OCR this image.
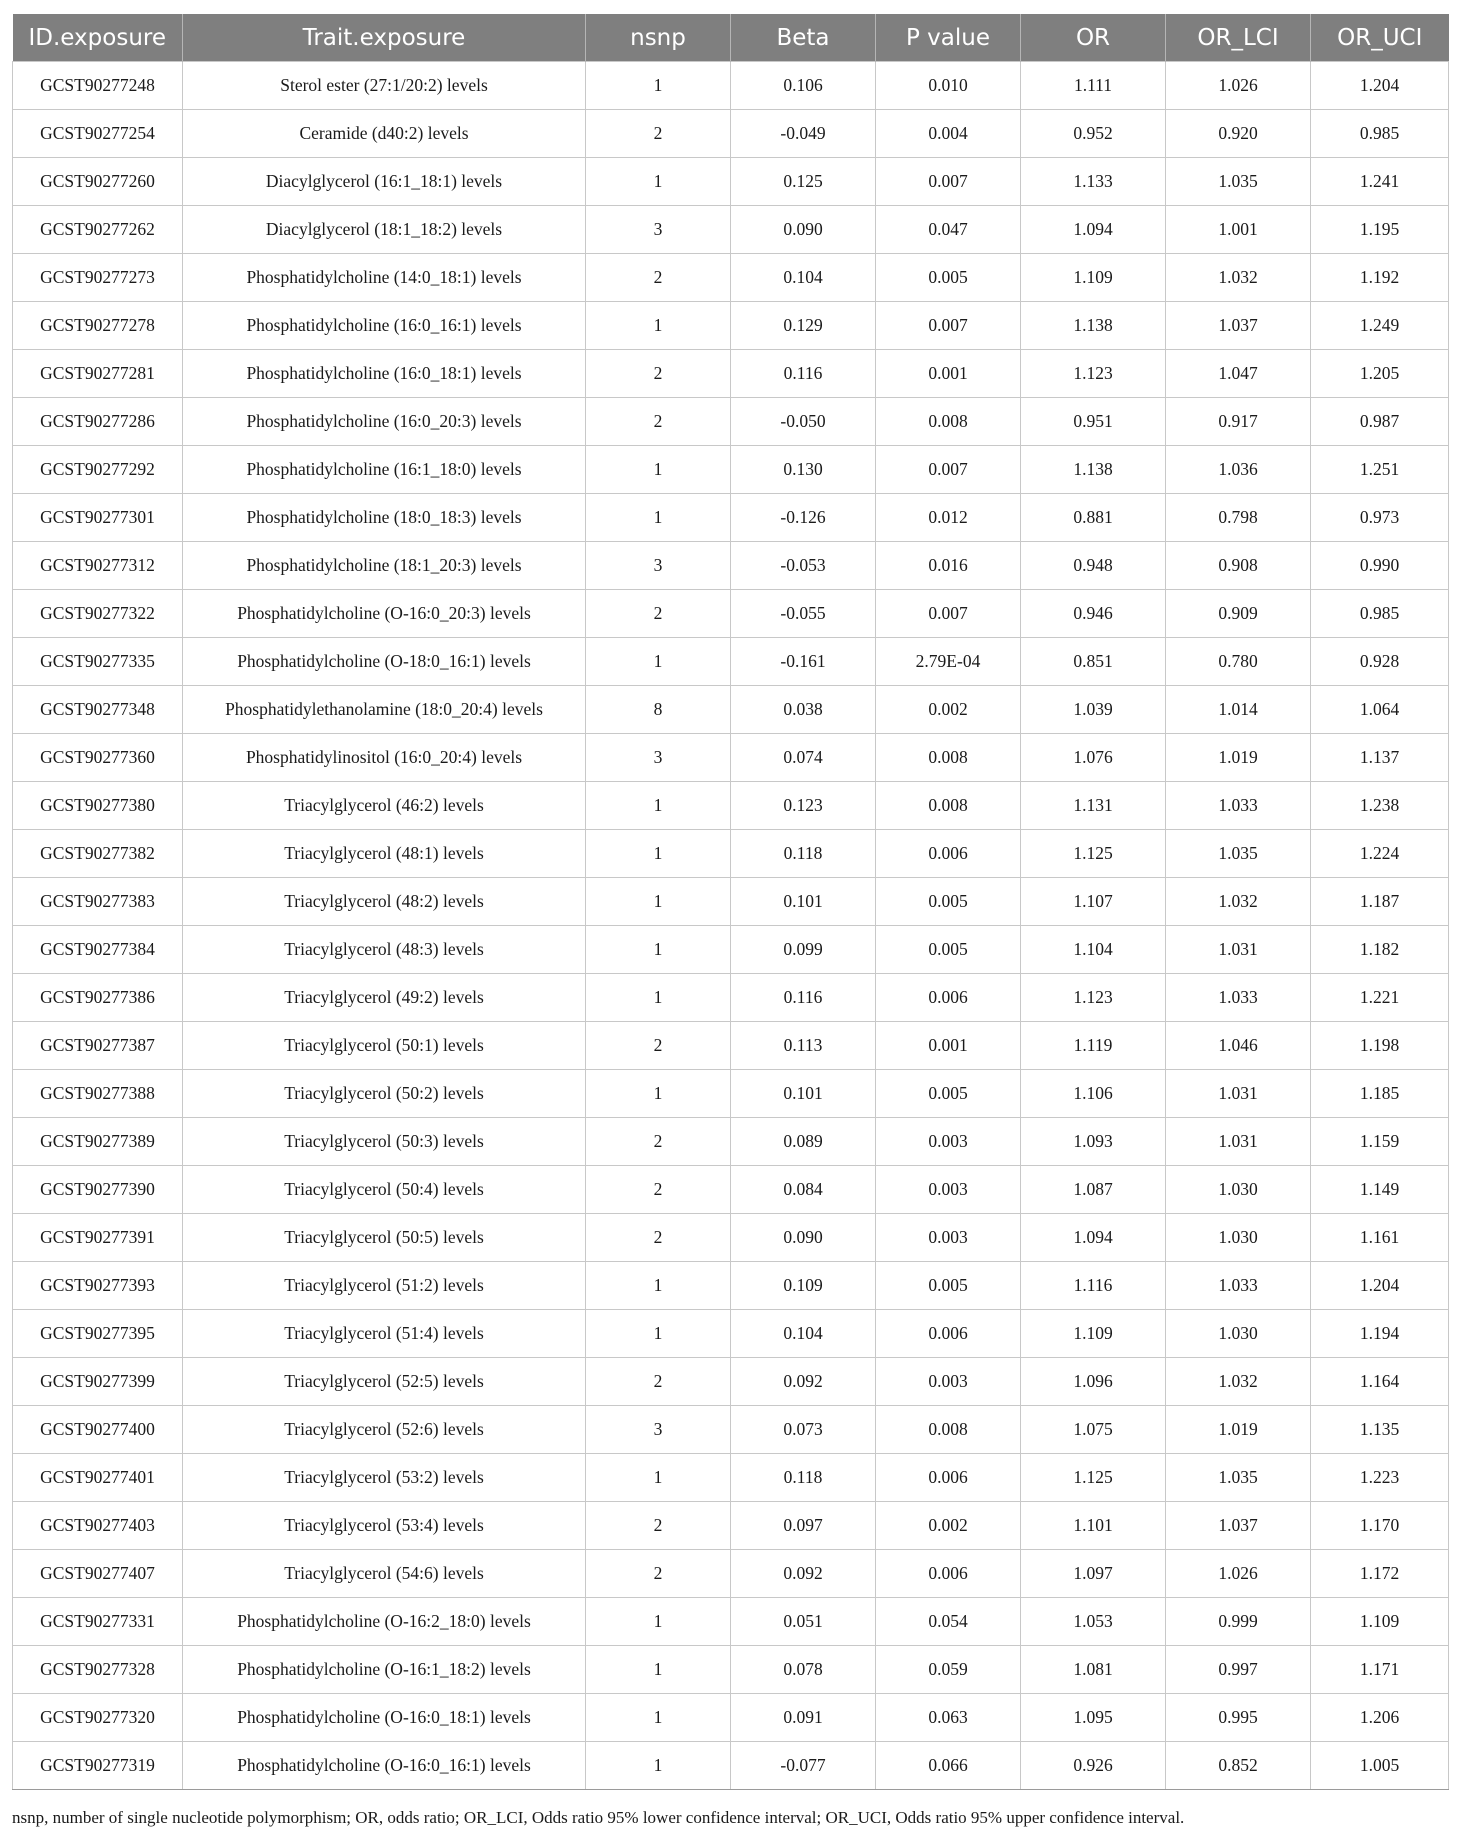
ID.exposure	Trait.exposure	nsnp	Beta	P value	OR	OR_LCI	OR_UCI
GCST90277248	Sterol ester (27:1/20:2) levels	1	0.106	0.010	1.111	1.026	1.204
GCST90277254	Ceramide (d40:2) levels	2	-0.049	0.004	0.952	0.920	0.985
GCST90277260	Diacylglycerol (16:1_18:1) levels	1	0.125	0.007	1.133	1.035	1.241
GCST90277262	Diacylglycerol (18:1_18:2) levels	3	0.090	0.047	1.094	1.001	1.195
GCST90277273	Phosphatidylcholine (14:0_18:1) levels	2	0.104	0.005	1.109	1.032	1.192
GCST90277278	Phosphatidylcholine (16:0_16:1) levels	1	0.129	0.007	1.138	1.037	1.249
GCST90277281	Phosphatidylcholine (16:0_18:1) levels	2	0.116	0.001	1.123	1.047	1.205
GCST90277286	Phosphatidylcholine (16:0_20:3) levels	2	-0.050	0.008	0.951	0.917	0.987
GCST90277292	Phosphatidylcholine (16:1_18:0) levels	1	0.130	0.007	1.138	1.036	1.251
GCST90277301	Phosphatidylcholine (18:0_18:3) levels	1	-0.126	0.012	0.881	0.798	0.973
GCST90277312	Phosphatidylcholine (18:1_20:3) levels	3	-0.053	0.016	0.948	0.908	0.990
GCST90277322	Phosphatidylcholine (O-16:0_20:3) levels	2	-0.055	0.007	0.946	0.909	0.985
GCST90277335	Phosphatidylcholine (O-18:0_16:1) levels	1	-0.161	2.79E-04	0.851	0.780	0.928
GCST90277348	Phosphatidylethanolamine (18:0_20:4) levels	8	0.038	0.002	1.039	1.014	1.064
GCST90277360	Phosphatidylinositol (16:0_20:4) levels	3	0.074	0.008	1.076	1.019	1.137
GCST90277380	Triacylglycerol (46:2) levels	1	0.123	0.008	1.131	1.033	1.238
GCST90277382	Triacylglycerol (48:1) levels	1	0.118	0.006	1.125	1.035	1.224
GCST90277383	Triacylglycerol (48:2) levels	1	0.101	0.005	1.107	1.032	1.187
GCST90277384	Triacylglycerol (48:3) levels	1	0.099	0.005	1.104	1.031	1.182
GCST90277386	Triacylglycerol (49:2) levels	1	0.116	0.006	1.123	1.033	1.221
GCST90277387	Triacylglycerol (50:1) levels	2	0.113	0.001	1.119	1.046	1.198
GCST90277388	Triacylglycerol (50:2) levels	1	0.101	0.005	1.106	1.031	1.185
GCST90277389	Triacylglycerol (50:3) levels	2	0.089	0.003	1.093	1.031	1.159
GCST90277390	Triacylglycerol (50:4) levels	2	0.084	0.003	1.087	1.030	1.149
GCST90277391	Triacylglycerol (50:5) levels	2	0.090	0.003	1.094	1.030	1.161
GCST90277393	Triacylglycerol (51:2) levels	1	0.109	0.005	1.116	1.033	1.204
GCST90277395	Triacylglycerol (51:4) levels	1	0.104	0.006	1.109	1.030	1.194
GCST90277399	Triacylglycerol (52:5) levels	2	0.092	0.003	1.096	1.032	1.164
GCST90277400	Triacylglycerol (52:6) levels	3	0.073	0.008	1.075	1.019	1.135
GCST90277401	Triacylglycerol (53:2) levels	1	0.118	0.006	1.125	1.035	1.223
GCST90277403	Triacylglycerol (53:4) levels	2	0.097	0.002	1.101	1.037	1.170
GCST90277407	Triacylglycerol (54:6) levels	2	0.092	0.006	1.097	1.026	1.172
GCST90277331	Phosphatidylcholine (O-16:2_18:0) levels	1	0.051	0.054	1.053	0.999	1.109
GCST90277328	Phosphatidylcholine (O-16:1_18:2) levels	1	0.078	0.059	1.081	0.997	1.171
GCST90277320	Phosphatidylcholine (O-16:0_18:1) levels	1	0.091	0.063	1.095	0.995	1.206
GCST90277319	Phosphatidylcholine (O-16:0_16:1) levels	1	-0.077	0.066	0.926	0.852	1.005
nsnp, number of single nucleotide polymorphism; OR, odds ratio; OR_LCI, Odds ratio 95% lower confidence interval; OR_UCI, Odds ratio 95% upper confidence interval.
